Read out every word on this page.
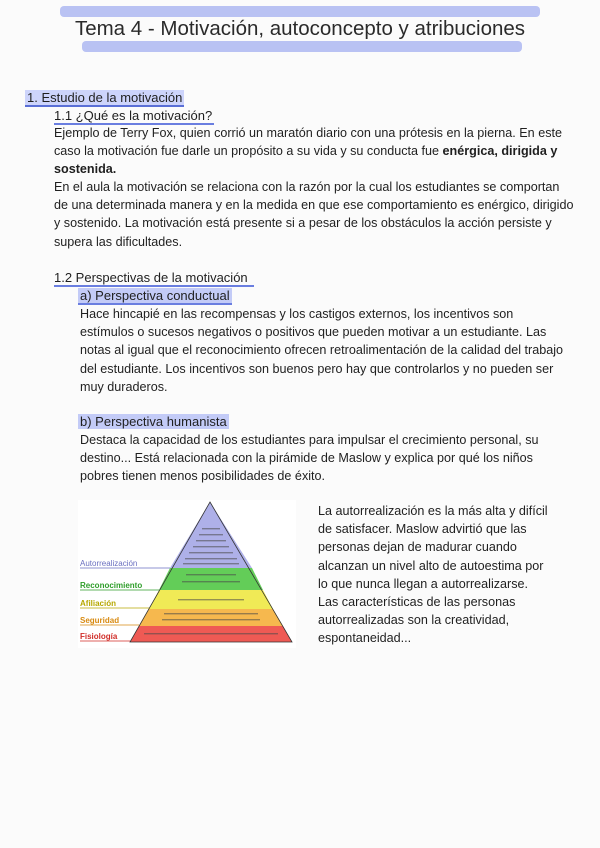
Tema 4 - Motivación, autoconcepto y atribuciones
1. Estudio de la motivación
1.1 ¿Qué es la motivación?
Ejemplo de Terry Fox, quien corrió un maratón diario con una prótesis en la pierna. En este caso la motivación fue darle un propósito a su vida y su conducta fue enérgica, dirigida y sostenida.
En el aula la motivación se relaciona con la razón por la cual los estudiantes se comportan de una determinada manera y en la medida en que ese comportamiento es enérgico, dirigido y sostenido. La motivación está presente si a pesar de los obstáculos la acción persiste y supera las dificultades.
1.2 Perspectivas de la motivación
a) Perspectiva conductual
Hace hincapié en las recompensas y los castigos externos, los incentivos son estímulos o sucesos negativos o positivos que pueden motivar a un estudiante. Las notas al igual que el reconocimiento ofrecen retroalimentación de la calidad del trabajo del estudiante. Los incentivos son buenos pero hay que controlarlos y no pueden ser muy duraderos.
b) Perspectiva humanista
Destaca la capacidad de los estudiantes para impulsar el crecimiento personal, su destino... Está relacionada con la pirámide de Maslow y explica por qué los niños pobres tienen menos posibilidades de éxito.
Autorrealización
Reconocimiento
Afiliación
Seguridad
Fisiología
La autorrealización es la más alta y difícil de satisfacer. Maslow advirtió que las personas dejan de madurar cuando alcanzan un nivel alto de autoestima por lo que nunca llegan a autorrealizarse. Las características de las personas autorrealizadas son la creatividad, espontaneidad...
